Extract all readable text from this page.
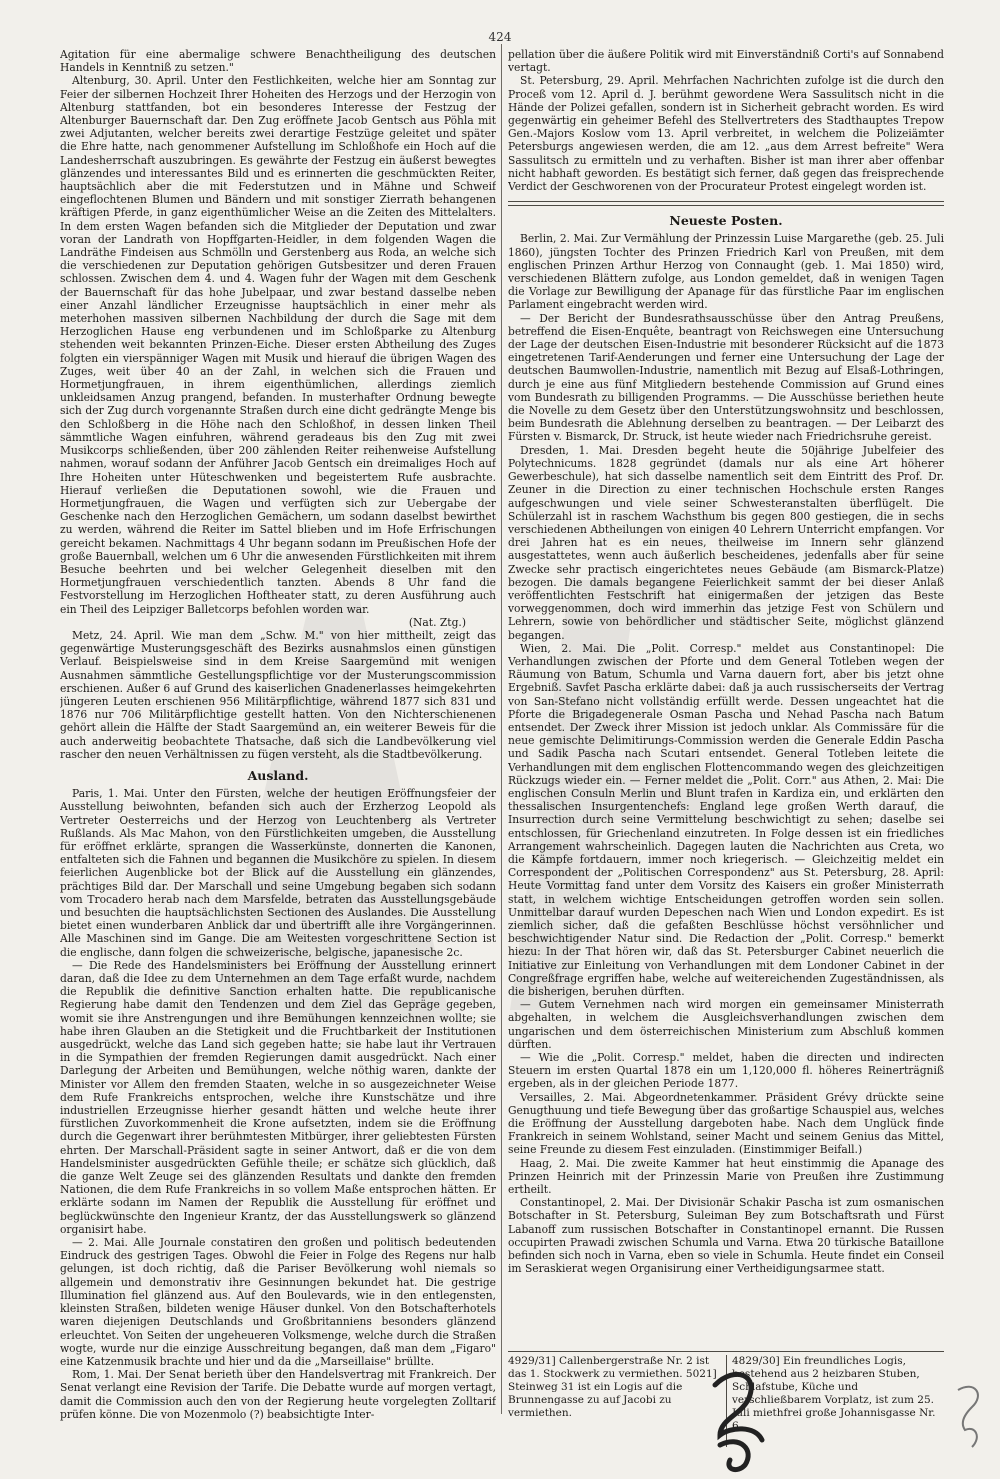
424

Agitation für eine abermalige schwere Benachtheiligung des deutschen Handels in Kenntniß zu setzen."

Altenburg, 30. April. Unter den Festlichkeiten, welche hier am Sonntag zur Feier der silbernen Hochzeit Ihrer Hoheiten des Herzogs und der Herzogin von Altenburg stattfanden, bot ein besonderes Interesse der Festzug der Altenburger Bauernschaft dar. Den Zug eröffnete Jacob Gentsch aus Pöhla mit zwei Adjutanten, welcher bereits zwei derartige Festzüge geleitet und später die Ehre hatte, nach genommener Aufstellung im Schloßhofe ein Hoch auf die Landesherrschaft auszubringen. Es gewährte der Festzug ein äußerst bewegtes glänzendes und interessantes Bild und es erinnerten die geschmückten Reiter, hauptsächlich aber die mit Federstutzen und in Mähne und Schweif eingeflochtenen Blumen und Bändern und mit sonstiger Zierrath behangenen kräftigen Pferde, in ganz eigenthümlicher Weise an die Zeiten des Mittelalters. In dem ersten Wagen befanden sich die Mitglieder der Deputation und zwar voran der Landrath von Hopffgarten-Heidler, in dem folgenden Wagen die Landräthe Findeisen aus Schmölln und Gerstenberg aus Roda, an welche sich die verschiedenen zur Deputation gehörigen Gutsbesitzer und deren Frauen schlossen. Zwischen dem 4. und 4. Wagen fuhr der Wagen mit dem Geschenk der Bauernschaft für das hohe Jubelpaar, und zwar bestand dasselbe neben einer Anzahl ländlicher Erzeugnisse hauptsächlich in einer mehr als meterhohen massiven silbernen Nachbildung der durch die Sage mit dem Herzoglichen Hause eng verbundenen und im Schloßparke zu Altenburg stehenden weit bekannten Prinzen-Eiche. Dieser ersten Abtheilung des Zuges folgten ein vierspänniger Wagen mit Musik und hierauf die übrigen Wagen des Zuges, weit über 40 an der Zahl, in welchen sich die Frauen und Hormetjungfrauen, in ihrem eigenthümlichen, allerdings ziemlich unkleidsamen Anzug prangend, befanden. In musterhafter Ordnung bewegte sich der Zug durch vorgenannte Straßen durch eine dicht gedrängte Menge bis den Schloßberg in die Höhe nach den Schloßhof, in dessen linken Theil sämmtliche Wagen einfuhren, während geradeaus bis den Zug mit zwei Musikcorps schließenden, über 200 zählenden Reiter reihenweise Aufstellung nahmen, worauf sodann der Anführer Jacob Gentsch ein dreimaliges Hoch auf Ihre Hoheiten unter Hüteschwenken und begeistertem Rufe ausbrachte. Hierauf verließen die Deputationen sowohl, wie die Frauen und Hormetjungfrauen, die Wagen und verfügten sich zur Uebergabe der Geschenke nach den Herzoglichen Gemächern, um sodann daselbst bewirthet zu werden, während die Reiter im Sattel blieben und im Hofe Erfrischungen gereicht bekamen. Nachmittags 4 Uhr begann sodann im Preußischen Hofe der große Bauernball, welchen um 6 Uhr die anwesenden Fürstlichkeiten mit ihrem Besuche beehrten und bei welcher Gelegenheit dieselben mit den Hormetjungfrauen verschiedentlich tanzten. Abends 8 Uhr fand die Festvorstellung im Herzoglichen Hoftheater statt, zu deren Ausführung auch ein Theil des Leipziger Balletcorps befohlen worden war.

(Nat. Ztg.)

Metz, 24. April. Wie man dem „Schw. M." von hier mittheilt, zeigt das gegenwärtige Musterungsgeschäft des Bezirks ausnahmslos einen günstigen Verlauf. Beispielsweise sind in dem Kreise Saargemünd mit wenigen Ausnahmen sämmtliche Gestellungspflichtige vor der Musterungscommission erschienen. Außer 6 auf Grund des kaiserlichen Gnadenerlasses heimgekehrten jüngeren Leuten erschienen 956 Militärpflichtige, während 1877 sich 831 und 1876 nur 706 Militärpflichtige gestellt hatten. Von den Nichterschienenen gehört allein die Hälfte der Stadt Saargemünd an, ein weiterer Beweis für die auch anderweitig beobachtete Thatsache, daß sich die Landbevölkerung viel rascher den neuen Verhältnissen zu fügen versteht, als die Stadtbevölkerung.

Ausland.

Paris, 1. Mai. Unter den Fürsten, welche der heutigen Eröffnungsfeier der Ausstellung beiwohnten, befanden sich auch der Erzherzog Leopold als Vertreter Oesterreichs und der Herzog von Leuchtenberg als Vertreter Rußlands. Als Mac Mahon, von den Fürstlichkeiten umgeben, die Ausstellung für eröffnet erklärte, sprangen die Wasserkünste, donnerten die Kanonen, entfalteten sich die Fahnen und begannen die Musikchöre zu spielen. In diesem feierlichen Augenblicke bot der Blick auf die Ausstellung ein glänzendes, prächtiges Bild dar. Der Marschall und seine Umgebung begaben sich sodann vom Trocadero herab nach dem Marsfelde, betraten das Ausstellungsgebäude und besuchten die hauptsächlichsten Sectionen des Auslandes. Die Ausstellung bietet einen wunderbaren Anblick dar und übertrifft alle ihre Vorgängerinnen. Alle Maschinen sind im Gange. Die am Weitesten vorgeschrittene Section ist die englische, dann folgen die schweizerische, belgische, japanesische 2c.

— Die Rede des Handelsministers bei Eröffnung der Ausstellung erinnert daran, daß die Idee zu dem Unternehmen an dem Tage erfaßt wurde, nachdem die Republik die definitive Sanction erhalten hatte. Die republicanische Regierung habe damit den Tendenzen und dem Ziel das Gepräge gegeben, womit sie ihre Anstrengungen und ihre Bemühungen kennzeichnen wollte; sie habe ihren Glauben an die Stetigkeit und die Fruchtbarkeit der Institutionen ausgedrückt, welche das Land sich gegeben hatte; sie habe laut ihr Vertrauen in die Sympathien der fremden Regierungen damit ausgedrückt. Nach einer Darlegung der Arbeiten und Bemühungen, welche nöthig waren, dankte der Minister vor Allem den fremden Staaten, welche in so ausgezeichneter Weise dem Rufe Frankreichs entsprochen, welche ihre Kunstschätze und ihre industriellen Erzeugnisse hierher gesandt hätten und welche heute ihrer fürstlichen Zuvorkommenheit die Krone aufsetzten, indem sie die Eröffnung durch die Gegenwart ihrer berühmtesten Mitbürger, ihrer geliebtesten Fürsten ehrten. Der Marschall-Präsident sagte in seiner Antwort, daß er die von dem Handelsminister ausgedrückten Gefühle theile; er schätze sich glücklich, daß die ganze Welt Zeuge sei des glänzenden Resultats und dankte den fremden Nationen, die dem Rufe Frankreichs in so vollem Maße entsprochen hätten. Er erklärte sodann im Namen der Republik die Ausstellung für eröffnet und beglückwünschte den Ingenieur Krantz, der das Ausstellungswerk so glänzend organisirt habe.

— 2. Mai. Alle Journale constatiren den großen und politisch bedeutenden Eindruck des gestrigen Tages. Obwohl die Feier in Folge des Regens nur halb gelungen, ist doch richtig, daß die Pariser Bevölkerung wohl niemals so allgemein und demonstrativ ihre Gesinnungen bekundet hat. Die gestrige Illumination fiel glänzend aus. Auf den Boulevards, wie in den entlegensten, kleinsten Straßen, bildeten wenige Häuser dunkel. Von den Botschafterhotels waren diejenigen Deutschlands und Großbritanniens besonders glänzend erleuchtet. Von Seiten der ungeheueren Volksmenge, welche durch die Straßen wogte, wurde nur die einzige Ausschreitung begangen, daß man dem „Figaro" eine Katzenmusik brachte und hier und da die „Marseillaise" brüllte.

Rom, 1. Mai. Der Senat berieth über den Handelsvertrag mit Frankreich. Der Senat verlangt eine Revision der Tarife. Die Debatte wurde auf morgen vertagt, damit die Commission auch den von der Regierung heute vorgelegten Zolltarif prüfen könne. Die von Mozenmolo (?) beabsichtigte Inter-

pellation über die äußere Politik wird mit Einverständniß Corti's auf Sonnabend vertagt.

St. Petersburg, 29. April. Mehrfachen Nachrichten zufolge ist die durch den Proceß vom 12. April d. J. berühmt gewordene Wera Sassulitsch nicht in die Hände der Polizei gefallen, sondern ist in Sicherheit gebracht worden. Es wird gegenwärtig ein geheimer Befehl des Stellvertreters des Stadthauptes Trepow Gen.-Majors Koslow vom 13. April verbreitet, in welchem die Polizeiämter Petersburgs angewiesen werden, die am 12. „aus dem Arrest befreite" Wera Sassulitsch zu ermitteln und zu verhaften. Bisher ist man ihrer aber offenbar nicht habhaft geworden. Es bestätigt sich ferner, daß gegen das freisprechende Verdict der Geschworenen von der Procurateur Protest eingelegt worden ist.

Neueste Posten.

Berlin, 2. Mai. Zur Vermählung der Prinzessin Luise Margarethe (geb. 25. Juli 1860), jüngsten Tochter des Prinzen Friedrich Karl von Preußen, mit dem englischen Prinzen Arthur Herzog von Connaught (geb. 1. Mai 1850) wird, verschiedenen Blättern zufolge, aus London gemeldet, daß in wenigen Tagen die Vorlage zur Bewilligung der Apanage für das fürstliche Paar im englischen Parlament eingebracht werden wird.

— Der Bericht der Bundesrathsausschüsse über den Antrag Preußens, betreffend die Eisen-Enquête, beantragt von Reichswegen eine Untersuchung der Lage der deutschen Eisen-Industrie mit besonderer Rücksicht auf die 1873 eingetretenen Tarif-Aenderungen und ferner eine Untersuchung der Lage der deutschen Baumwollen-Industrie, namentlich mit Bezug auf Elsaß-Lothringen, durch je eine aus fünf Mitgliedern bestehende Commission auf Grund eines vom Bundesrath zu billigenden Programms. — Die Ausschüsse beriethen heute die Novelle zu dem Gesetz über den Unterstützungswohnsitz und beschlossen, beim Bundesrath die Ablehnung derselben zu beantragen. — Der Leibarzt des Fürsten v. Bismarck, Dr. Struck, ist heute wieder nach Friedrichsruhe gereist.

Dresden, 1. Mai. Dresden begeht heute die 50jährige Jubelfeier des Polytechnicums. 1828 gegründet (damals nur als eine Art höherer Gewerbeschule), hat sich dasselbe namentlich seit dem Eintritt des Prof. Dr. Zeuner in die Direction zu einer technischen Hochschule ersten Ranges aufgeschwungen und viele seiner Schwesteranstalten überflügelt. Die Schülerzahl ist in raschem Wachsthum bis gegen 800 gestiegen, die in sechs verschiedenen Abtheilungen von einigen 40 Lehrern Unterricht empfangen. Vor drei Jahren hat es ein neues, theilweise im Innern sehr glänzend ausgestattetes, wenn auch äußerlich bescheidenes, jedenfalls aber für seine Zwecke sehr practisch eingerichtetes neues Gebäude (am Bismarck-Platze) bezogen. Die damals begangene Feierlichkeit sammt der bei dieser Anlaß veröffentlichten Festschrift hat einigermaßen der jetzigen das Beste vorweggenommen, doch wird immerhin das jetzige Fest von Schülern und Lehrern, sowie von behördlicher und städtischer Seite, möglichst glänzend begangen.

Wien, 2. Mai. Die „Polit. Corresp." meldet aus Constantinopel: Die Verhandlungen zwischen der Pforte und dem General Totleben wegen der Räumung von Batum, Schumla und Varna dauern fort, aber bis jetzt ohne Ergebniß. Savfet Pascha erklärte dabei: daß ja auch russischerseits der Vertrag von San-Stefano nicht vollständig erfüllt werde. Dessen ungeachtet hat die Pforte die Brigadegenerale Osman Pascha und Nehad Pascha nach Batum entsendet. Der Zweck ihrer Mission ist jedoch unklar. Als Commissäre für die neue gemischte Delimitirungs-Commission werden die Generale Eddin Pascha und Sadik Pascha nach Scutari entsendet. General Totleben leitete die Verhandlungen mit dem englischen Flottencommando wegen des gleichzeitigen Rückzugs wieder ein. — Ferner meldet die „Polit. Corr." aus Athen, 2. Mai: Die englischen Consuln Merlin und Blunt trafen in Kardiza ein, und erklärten den thessalischen Insurgentenchefs: England lege großen Werth darauf, die Insurrection durch seine Vermittelung beschwichtigt zu sehen; daselbe sei entschlossen, für Griechenland einzutreten. In Folge dessen ist ein friedliches Arrangement wahrscheinlich. Dagegen lauten die Nachrichten aus Creta, wo die Kämpfe fortdauern, immer noch kriegerisch. — Gleichzeitig meldet ein Correspondent der „Politischen Correspondenz" aus St. Petersburg, 28. April: Heute Vormittag fand unter dem Vorsitz des Kaisers ein großer Ministerrath statt, in welchem wichtige Entscheidungen getroffen worden sein sollen. Unmittelbar darauf wurden Depeschen nach Wien und London expedirt. Es ist ziemlich sicher, daß die gefaßten Beschlüsse höchst versöhnlicher und beschwichtigender Natur sind. Die Redaction der „Polit. Corresp." bemerkt hiezu: In der That hören wir, daß das St. Petersburger Cabinet neuerlich die Initiative zur Einleitung von Verhandlungen mit dem Londoner Cabinet in der Congreßfrage ergriffen habe, welche auf weitereichenden Zugeständnissen, als die bisherigen, beruhen dürften.

— Gutem Vernehmen nach wird morgen ein gemeinsamer Ministerrath abgehalten, in welchem die Ausgleichsverhandlungen zwischen dem ungarischen und dem österreichischen Ministerium zum Abschluß kommen dürften.

— Wie die „Polit. Corresp." meldet, haben die directen und indirecten Steuern im ersten Quartal 1878 ein um 1,120,000 fl. höheres Reinerträgniß ergeben, als in der gleichen Periode 1877.

Versailles, 2. Mai. Abgeordnetenkammer. Präsident Grévy drückte seine Genugthuung und tiefe Bewegung über das großartige Schauspiel aus, welches die Eröffnung der Ausstellung dargeboten habe. Nach dem Unglück finde Frankreich in seinem Wohlstand, seiner Macht und seinem Genius das Mittel, seine Freunde zu diesem Fest einzuladen. (Einstimmiger Beifall.)

Haag, 2. Mai. Die zweite Kammer hat heut einstimmig die Apanage des Prinzen Heinrich mit der Prinzessin Marie von Preußen ihre Zustimmung ertheilt.

Constantinopel, 2. Mai. Der Divisionär Schakir Pascha ist zum osmanischen Botschafter in St. Petersburg, Suleiman Bey zum Botschaftsrath und Fürst Labanoff zum russischen Botschafter in Constantinopel ernannt. Die Russen occupirten Prawadi zwischen Schumla und Varna. Etwa 20 türkische Bataillone befinden sich noch in Varna, eben so viele in Schumla. Heute findet ein Conseil im Seraskierat wegen Organisirung einer Vertheidigungsarmee statt.

4929/31] Callenbergerstraße Nr. 2 ist das 1. Stockwerk zu vermiethen. 5021] Steinweg 31 ist ein Logis auf die Brunnengasse zu auf Jacobi zu vermiethen.

4829/30] Ein freundliches Logis, bestehend aus 2 heizbaren Stuben, Schlafstube, Küche und verschließbarem Vorplatz, ist zum 25. Juli miethfrei große Johannisgasse Nr. 6.
